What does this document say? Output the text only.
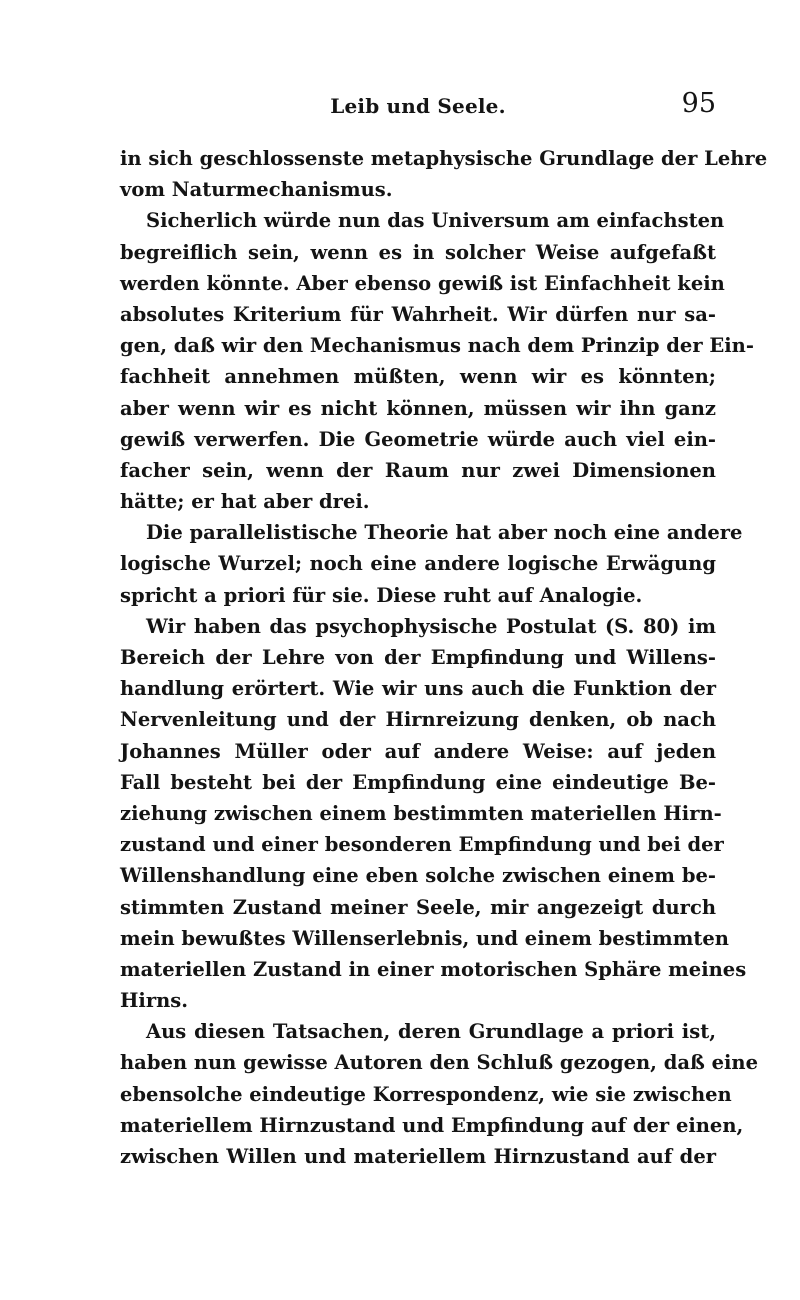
Leib und Seele.	95
in sich geschlossenste metaphysische Grundlage der Lehre
vom Naturmechanismus.
Sicherlich würde nun das Universum am einfachsten
begreiflich sein, wenn es in solcher Weise aufgefaßt
werden könnte. Aber ebenso gewiß ist Einfachheit kein
absolutes Kriterium für Wahrheit. Wir dürfen nur sa-
gen, daß wir den Mechanismus nach dem Prinzip der Ein-
fachheit annehmen müßten, wenn wir es könnten;
aber wenn wir es nicht können, müssen wir ihn ganz
gewiß verwerfen. Die Geometrie würde auch viel ein-
facher sein, wenn der Raum nur zwei Dimensionen
hätte; er hat aber drei.
Die parallelistische Theorie hat aber noch eine andere
logische Wurzel; noch eine andere logische Erwägung
spricht a priori für sie. Diese ruht auf Analogie.
Wir haben das psychophysische Postulat (S. 80) im
Bereich der Lehre von der Empfindung und Willens-
handlung erörtert. Wie wir uns auch die Funktion der
Nervenleitung und der Hirnreizung denken, ob nach
Johannes Müller oder auf andere Weise: auf jeden
Fall besteht bei der Empfindung eine eindeutige Be-
ziehung zwischen einem bestimmten materiellen Hirn-
zustand und einer besonderen Empfindung und bei der
Willenshandlung eine eben solche zwischen einem be-
stimmten Zustand meiner Seele, mir angezeigt durch
mein bewußtes Willenserlebnis, und einem bestimmten
materiellen Zustand in einer motorischen Sphäre meines
Hirns.
Aus diesen Tatsachen, deren Grundlage a priori ist,
haben nun gewisse Autoren den Schluß gezogen, daß eine
ebensolche eindeutige Korrespondenz, wie sie zwischen
materiellem Hirnzustand und Empfindung auf der einen,
zwischen Willen und materiellem Hirnzustand auf der
